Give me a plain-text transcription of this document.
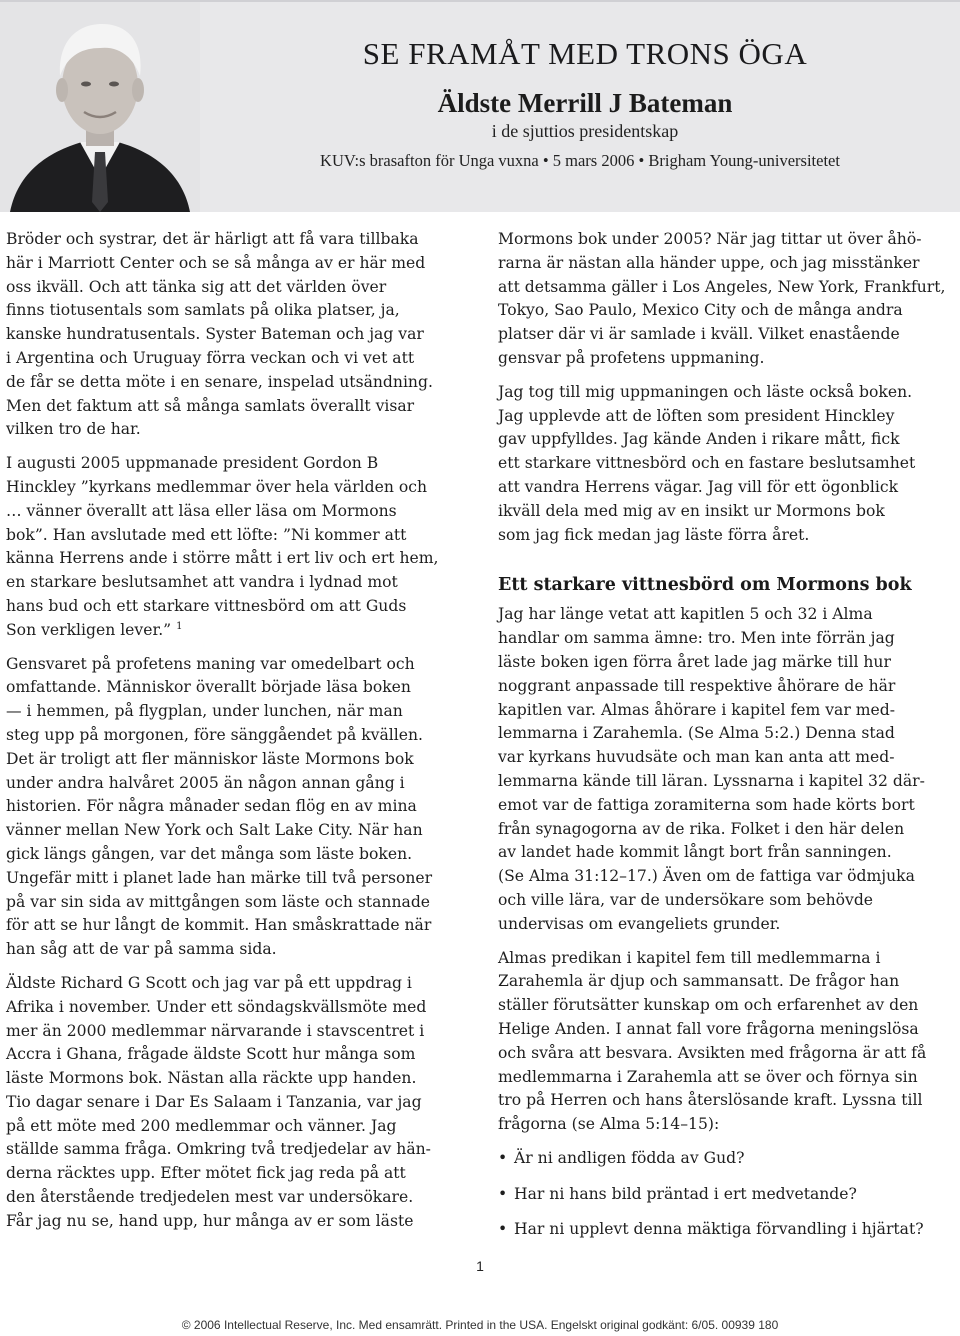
SE FRAMÅT MED TRONS ÖGA
Äldste Merrill J Bateman
i de sjuttios presidentskap
KUV:s brasafton för Unga vuxna • 5 mars 2006 • Brigham Young-universitetet

Bröder och systrar, det är härligt att få vara tillbaka
här i Marriott Center och se så många av er här med
oss ikväll. Och att tänka sig att det världen över
finns tiotusentals som samlats på olika platser, ja,
kanske hundratusentals. Syster Bateman och jag var
i Argentina och Uruguay förra veckan och vi vet att
de får se detta möte i en senare, inspelad utsändning.
Men det faktum att så många samlats överallt visar
vilken tro de har.

I augusti 2005 uppmanade president Gordon B
Hinckley ”kyrkans medlemmar över hela världen och
… vänner överallt att läsa eller läsa om Mormons
bok”. Han avslutade med ett löfte: ”Ni kommer att
känna Herrens ande i större mått i ert liv och ert hem,
en starkare beslutsamhet att vandra i lydnad mot
hans bud och ett starkare vittnesbörd om att Guds
Son verkligen lever.” $^1$

Gensvaret på profetens maning var omedelbart och
omfattande. Människor överallt började läsa boken
— i hemmen, på flygplan, under lunchen, när man
steg upp på morgonen, före sänggåendet på kvällen.
Det är troligt att fler människor läste Mormons bok
under andra halvåret 2005 än någon annan gång i
historien. För några månader sedan flög en av mina
vänner mellan New York och Salt Lake City. När han
gick längs gången, var det många som läste boken.
Ungefär mitt i planet lade han märke till två personer
på var sin sida av mittgången som läste och stannade
för att se hur långt de kommit. Han småskrattade när
han såg att de var på samma sida.

Äldste Richard G Scott och jag var på ett uppdrag i
Afrika i november. Under ett söndagskvällsmöte med
mer än 2000 medlemmar närvarande i stavscentret i
Accra i Ghana, frågade äldste Scott hur många som
läste Mormons bok. Nästan alla räckte upp handen.
Tio dagar senare i Dar Es Salaam i Tanzania, var jag
på ett möte med 200 medlemmar och vänner. Jag
ställde samma fråga. Omkring två tredjedelar av hän-
derna räcktes upp. Efter mötet fick jag reda på att
den återstående tredjedelen mest var undersökare.
Får jag nu se, hand upp, hur många av er som läste

Mormons bok under 2005? När jag tittar ut över åhö-
rarna är nästan alla händer uppe, och jag misstänker
att detsamma gäller i Los Angeles, New York, Frankfurt,
Tokyo, Sao Paulo, Mexico City och de många andra
platser där vi är samlade i kväll. Vilket enastående
gensvar på profetens uppmaning.

Jag tog till mig uppmaningen och läste också boken.
Jag upplevde att de löften som president Hinckley
gav uppfylldes. Jag kände Anden i rikare mått, fick
ett starkare vittnesbörd och en fastare beslutsamhet
att vandra Herrens vägar. Jag vill för ett ögonblick
ikväll dela med mig av en insikt ur Mormons bok
som jag fick medan jag läste förra året.

Ett starkare vittnesbörd om Mormons bok

Jag har länge vetat att kapitlen 5 och 32 i Alma
handlar om samma ämne: tro. Men inte förrän jag
läste boken igen förra året lade jag märke till hur
noggrant anpassade till respektive åhörare de här
kapitlen var. Almas åhörare i kapitel fem var med-
lemmarna i Zarahemla. (Se Alma 5:2.) Denna stad
var kyrkans huvudsäte och man kan anta att med-
lemmarna kände till läran. Lyssnarna i kapitel 32 där-
emot var de fattiga zoramiterna som hade körts bort
från synagogorna av de rika. Folket i den här delen
av landet hade kommit långt bort från sanningen.
(Se Alma 31:12–17.) Även om de fattiga var ödmjuka
och ville lära, var de undersökare som behövde
undervisas om evangeliets grunder.

Almas predikan i kapitel fem till medlemmarna i
Zarahemla är djup och sammansatt. De frågor han
ställer förutsätter kunskap om och erfarenhet av den
Helige Anden. I annat fall vore frågorna meningslösa
och svåra att besvara. Avsikten med frågorna är att få
medlemmarna i Zarahemla att se över och förnya sin
tro på Herren och hans återslösande kraft. Lyssna till
frågorna (se Alma 5:14–15):

• Är ni andligen födda av Gud?
• Har ni hans bild präntad i ert medvetande?
• Har ni upplevt denna mäktiga förvandling i hjärtat?
1
© 2006 Intellectual Reserve, Inc. Med ensamrätt. Printed in the USA. Engelskt original godkänt: 6/05. 00939 180
